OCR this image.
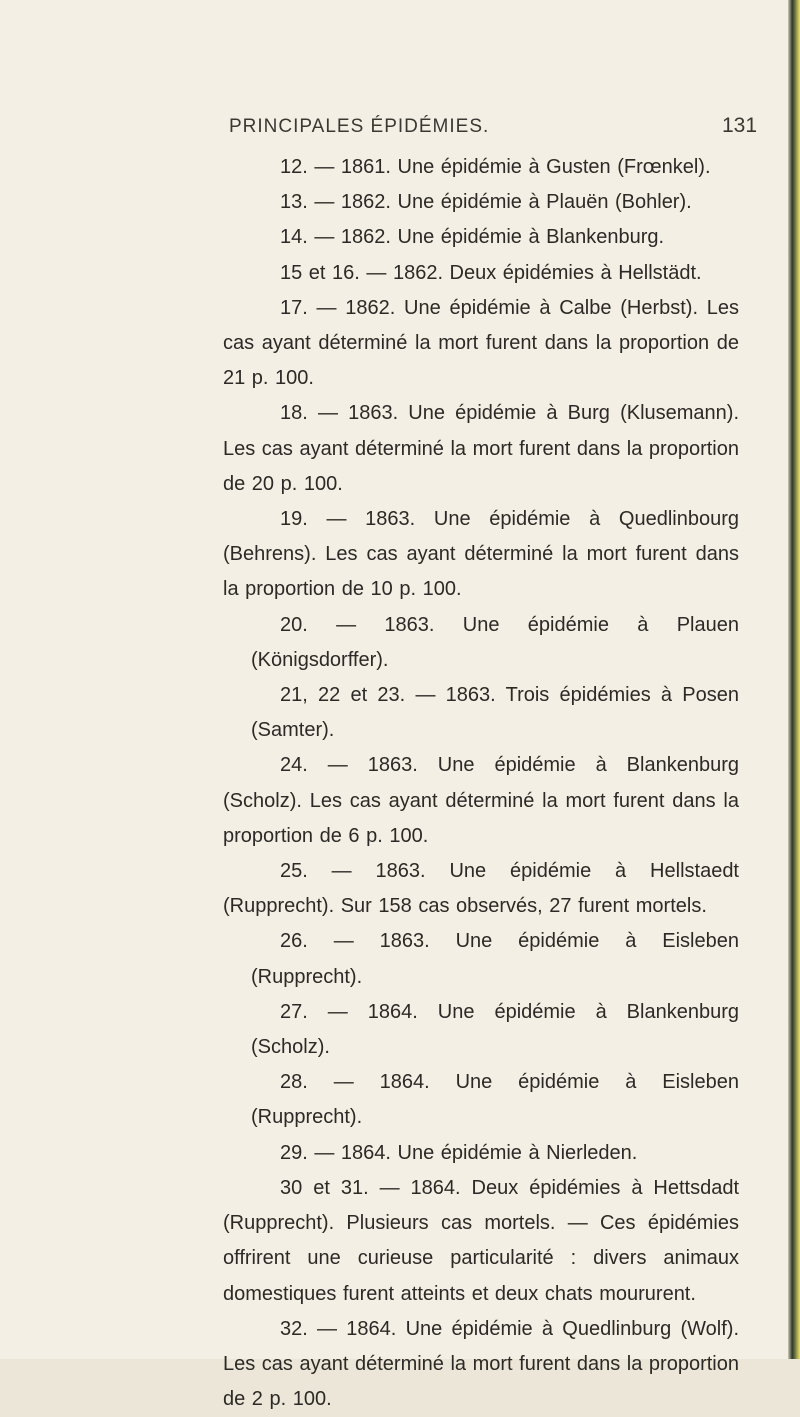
PRINCIPALES ÉPIDÉMIES.	131

12. — 1861. Une épidémie à Gusten (Frœnkel).

13. — 1862. Une épidémie à Plauën (Bohler).

14. — 1862. Une épidémie à Blankenburg.

15 et 16. — 1862. Deux épidémies à Hellstädt.

17. — 1862. Une épidémie à Calbe (Herbst). Les cas ayant déterminé la mort furent dans la proportion de 21 p. 100.

18. — 1863. Une épidémie à Burg (Klusemann). Les cas ayant déterminé la mort furent dans la proportion de 20 p. 100.

19. — 1863. Une épidémie à Quedlinbourg (Behrens). Les cas ayant déterminé la mort furent dans la proportion de 10 p. 100.

20. — 1863. Une épidémie à Plauen (Königsdorffer).

21, 22 et 23. — 1863. Trois épidémies à Posen (Samter).

24. — 1863. Une épidémie à Blankenburg (Scholz). Les cas ayant déterminé la mort furent dans la proportion de 6 p. 100.

25. — 1863. Une épidémie à Hellstaedt (Rupprecht). Sur 158 cas observés, 27 furent mortels.

26. — 1863. Une épidémie à Eisleben (Rupprecht).

27. — 1864. Une épidémie à Blankenburg (Scholz).

28. — 1864. Une épidémie à Eisleben (Rupprecht).

29. — 1864. Une épidémie à Nierleden.

30 et 31. — 1864. Deux épidémies à Hettsdadt (Rupprecht). Plusieurs cas mortels. — Ces épidémies offrirent une curieuse particularité : divers animaux domestiques furent atteints et deux chats moururent.

32. — 1864. Une épidémie à Quedlinburg (Wolf). Les cas ayant déterminé la mort furent dans la proportion de 2 p. 100.
